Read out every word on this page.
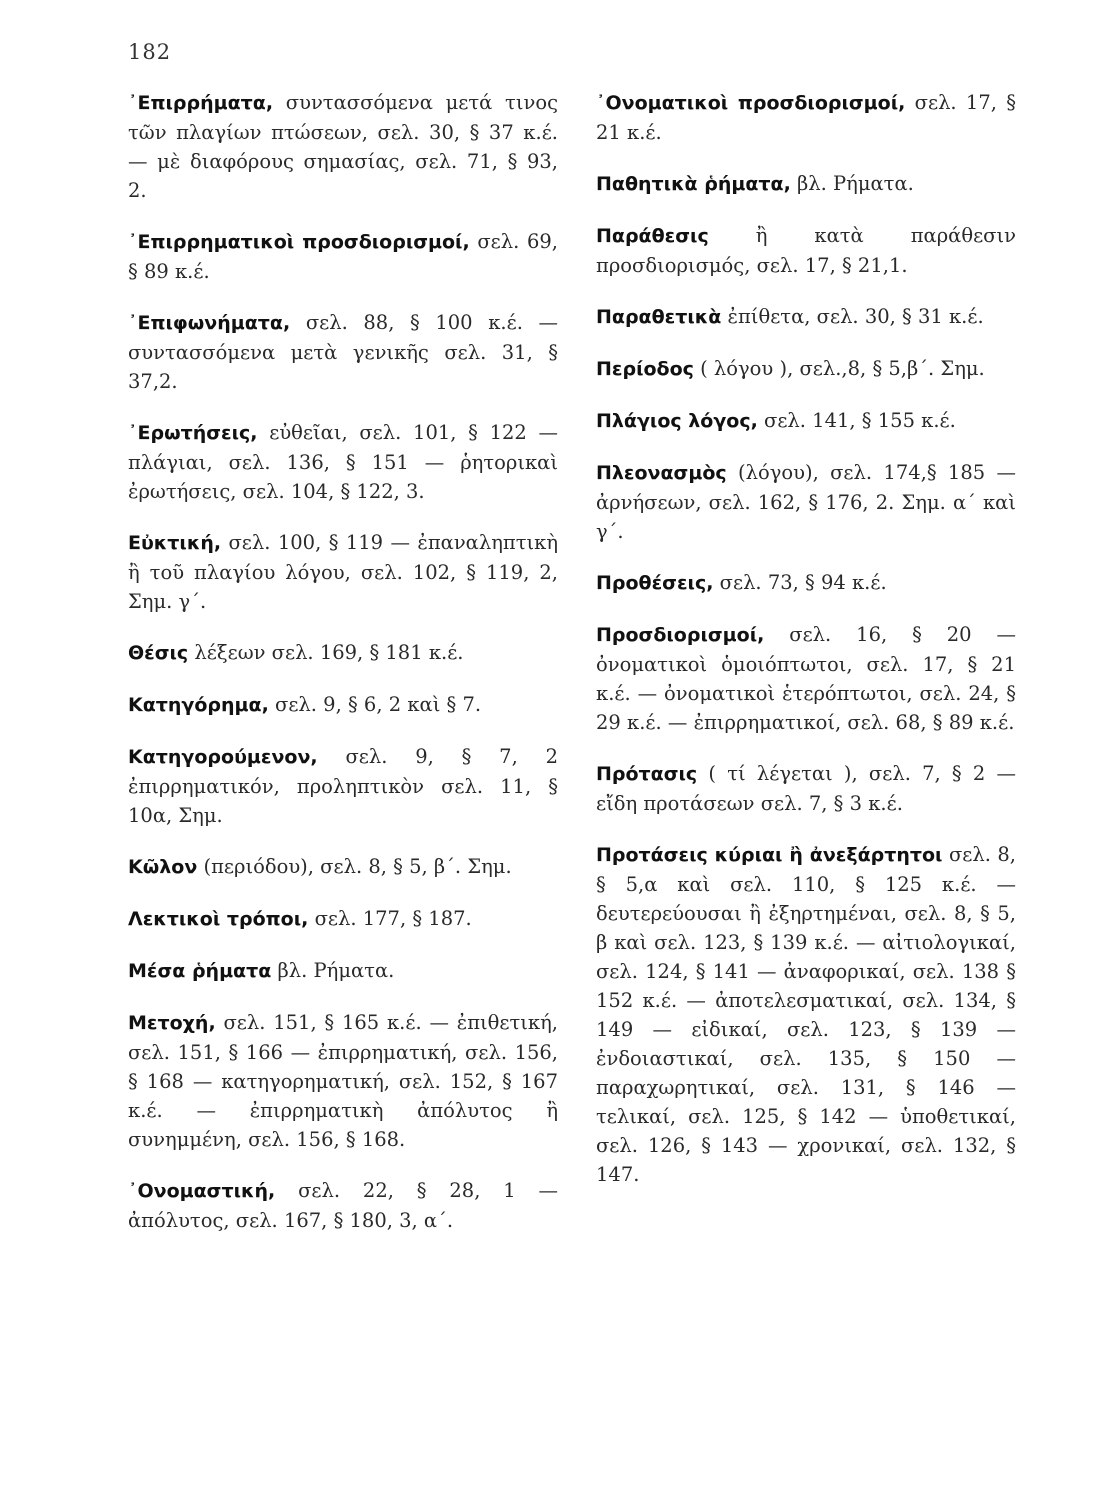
182

᾿Επιρρήματα, συντασσόμενα μετά τινος τῶν πλαγίων πτώσεων, σελ. 30, § 37 κ.έ. — μὲ διαφόρους σημασίας, σελ. 71, § 93, 2.

᾿Επιρρηματικοὶ προσδιορισμοί, σελ. 69, § 89 κ.έ.

᾿Επιφωνήματα, σελ. 88, § 100 κ.έ. — συντασσόμενα μετὰ γενικῆς σελ. 31, § 37,2.

᾿Ερωτήσεις, εὐθεῖαι, σελ. 101, § 122 — πλάγιαι, σελ. 136, § 151 — ῥητορικαὶ ἐρωτήσεις, σελ. 104, § 122, 3.

Εὐκτική, σελ. 100, § 119 — ἐπαναληπτικὴ ἢ τοῦ πλαγίου λόγου, σελ. 102, § 119, 2, Σημ. γ΄.

Θέσις λέξεων σελ. 169, § 181 κ.έ.

Κατηγόρημα, σελ. 9, § 6, 2 καὶ § 7.

Κατηγορούμενον, σελ. 9, § 7, 2 ἐπιρρηματικόν, προληπτικὸν σελ. 11, § 10α, Σημ.

Κῶλον (περιόδου), σελ. 8, § 5, β΄. Σημ.

Λεκτικοὶ τρόποι, σελ. 177, § 187.

Μέσα ῥήματα βλ. Ρήματα.

Μετοχή, σελ. 151, § 165 κ.έ. — ἐπιθετική, σελ. 151, § 166 — ἐπιρρηματική, σελ. 156, § 168 — κατηγορηματική, σελ. 152, § 167 κ.έ. — ἐπιρρηματικὴ ἀπόλυτος ἢ συνημμένη, σελ. 156, § 168.

᾿Ονομαστική, σελ. 22, § 28, 1 — ἀπόλυτος, σελ. 167, § 180, 3, α΄.

᾿Ονοματικοὶ προσδιορισμοί, σελ. 17, § 21 κ.έ.

Παθητικὰ ῥήματα, βλ. Ρήματα.

Παράθεσις ἢ κατὰ παράθεσιν προσδιορισμός, σελ. 17, § 21,1.

Παραθετικὰ ἐπίθετα, σελ. 30, § 31 κ.έ.

Περίοδος ( λόγου ), σελ.,8, § 5,β΄. Σημ.

Πλάγιος λόγος, σελ. 141, § 155 κ.έ.

Πλεονασμὸς (λόγου), σελ. 174,§ 185 — ἀρνήσεων, σελ. 162, § 176, 2. Σημ. α΄ καὶ γ΄.

Προθέσεις, σελ. 73, § 94 κ.έ.

Προσδιορισμοί, σελ. 16, § 20 — ὀνοματικοὶ ὁμοιόπτωτοι, σελ. 17, § 21 κ.έ. — ὀνοματικοὶ ἑτερόπτωτοι, σελ. 24, § 29 κ.έ. — ἐπιρρηματικοί, σελ. 68, § 89 κ.έ.

Πρότασις ( τί λέγεται ), σελ. 7, § 2 — εἴδη προτάσεων σελ. 7, § 3 κ.έ.

Προτάσεις κύριαι ἢ ἀνεξάρτητοι σελ. 8, § 5,α καὶ σελ. 110, § 125 κ.έ. — δευτερεύουσαι ἢ ἐξηρτημέναι, σελ. 8, § 5, β καὶ σελ. 123, § 139 κ.έ. — αἰτιολογικαί, σελ. 124, § 141 — ἀναφορικαί, σελ. 138 § 152 κ.έ. — ἀποτελεσματικαί, σελ. 134, § 149 — εἰδικαί, σελ. 123, § 139 — ἐνδοιαστικαί, σελ. 135, § 150 — παραχωρητικαί, σελ. 131, § 146 — τελικαί, σελ. 125, § 142 — ὑποθετικαί, σελ. 126, § 143 — χρονικαί, σελ. 132, § 147.
